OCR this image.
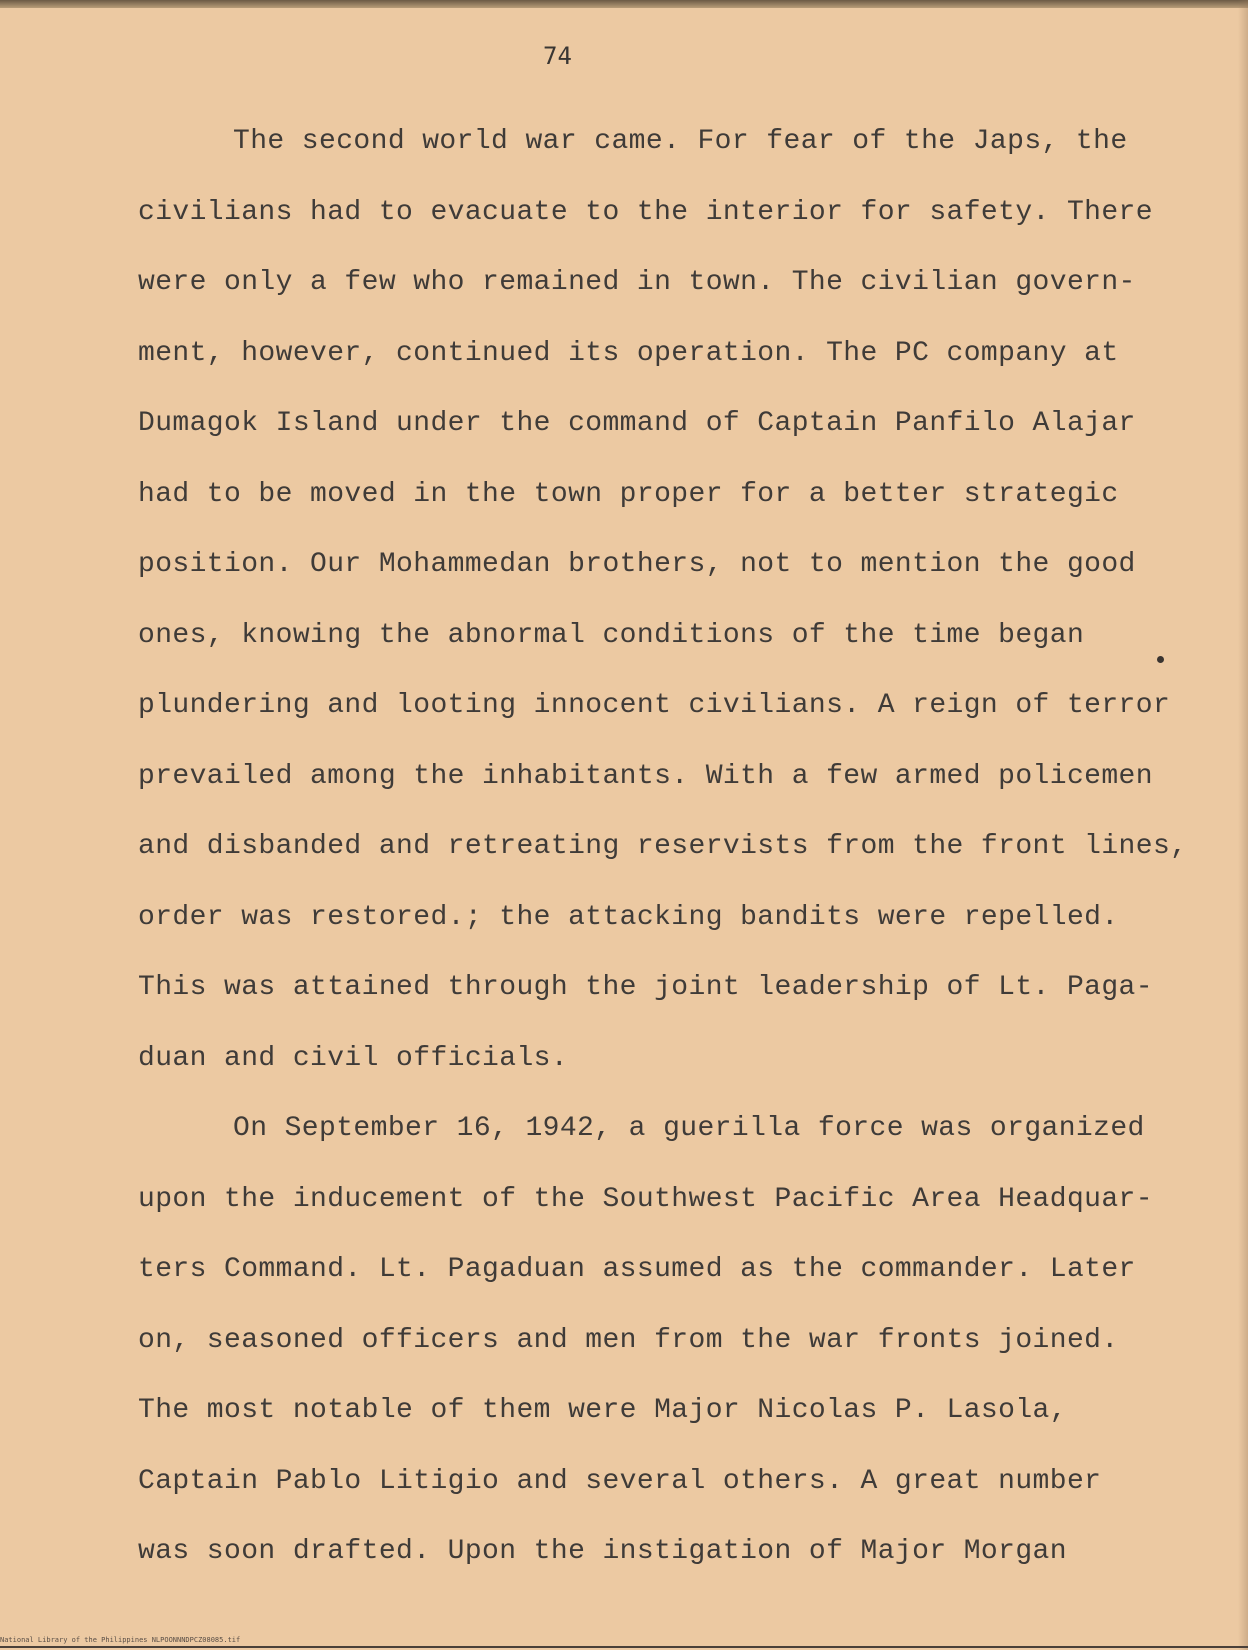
74
The second world war came. For fear of the Japs, the
civilians had to evacuate to the interior for safety. There
were only a few who remained in town. The civilian govern-
ment, however, continued its operation. The PC company at
Dumagok Island under the command of Captain Panfilo Alajar
had to be moved in the town proper for a better strategic
position. Our Mohammedan brothers, not to mention the good
ones, knowing the abnormal conditions of the time began
plundering and looting innocent civilians. A reign of terror
prevailed among the inhabitants. With a few armed policemen
and disbanded and retreating reservists from the front lines,
order was restored.; the attacking bandits were repelled.
This was attained through the joint leadership of Lt. Paga-
duan and civil officials.
On September 16, 1942, a guerilla force was organized
upon the inducement of the Southwest Pacific Area Headquar-
ters Command. Lt. Pagaduan assumed as the commander. Later
on, seasoned officers and men from the war fronts joined.
The most notable of them were Major Nicolas P. Lasola,
Captain Pablo Litigio and several others. A great number
was soon drafted. Upon the instigation of Major Morgan
National Library of the Philippines NLPOONNNDPCZ08085.tif
